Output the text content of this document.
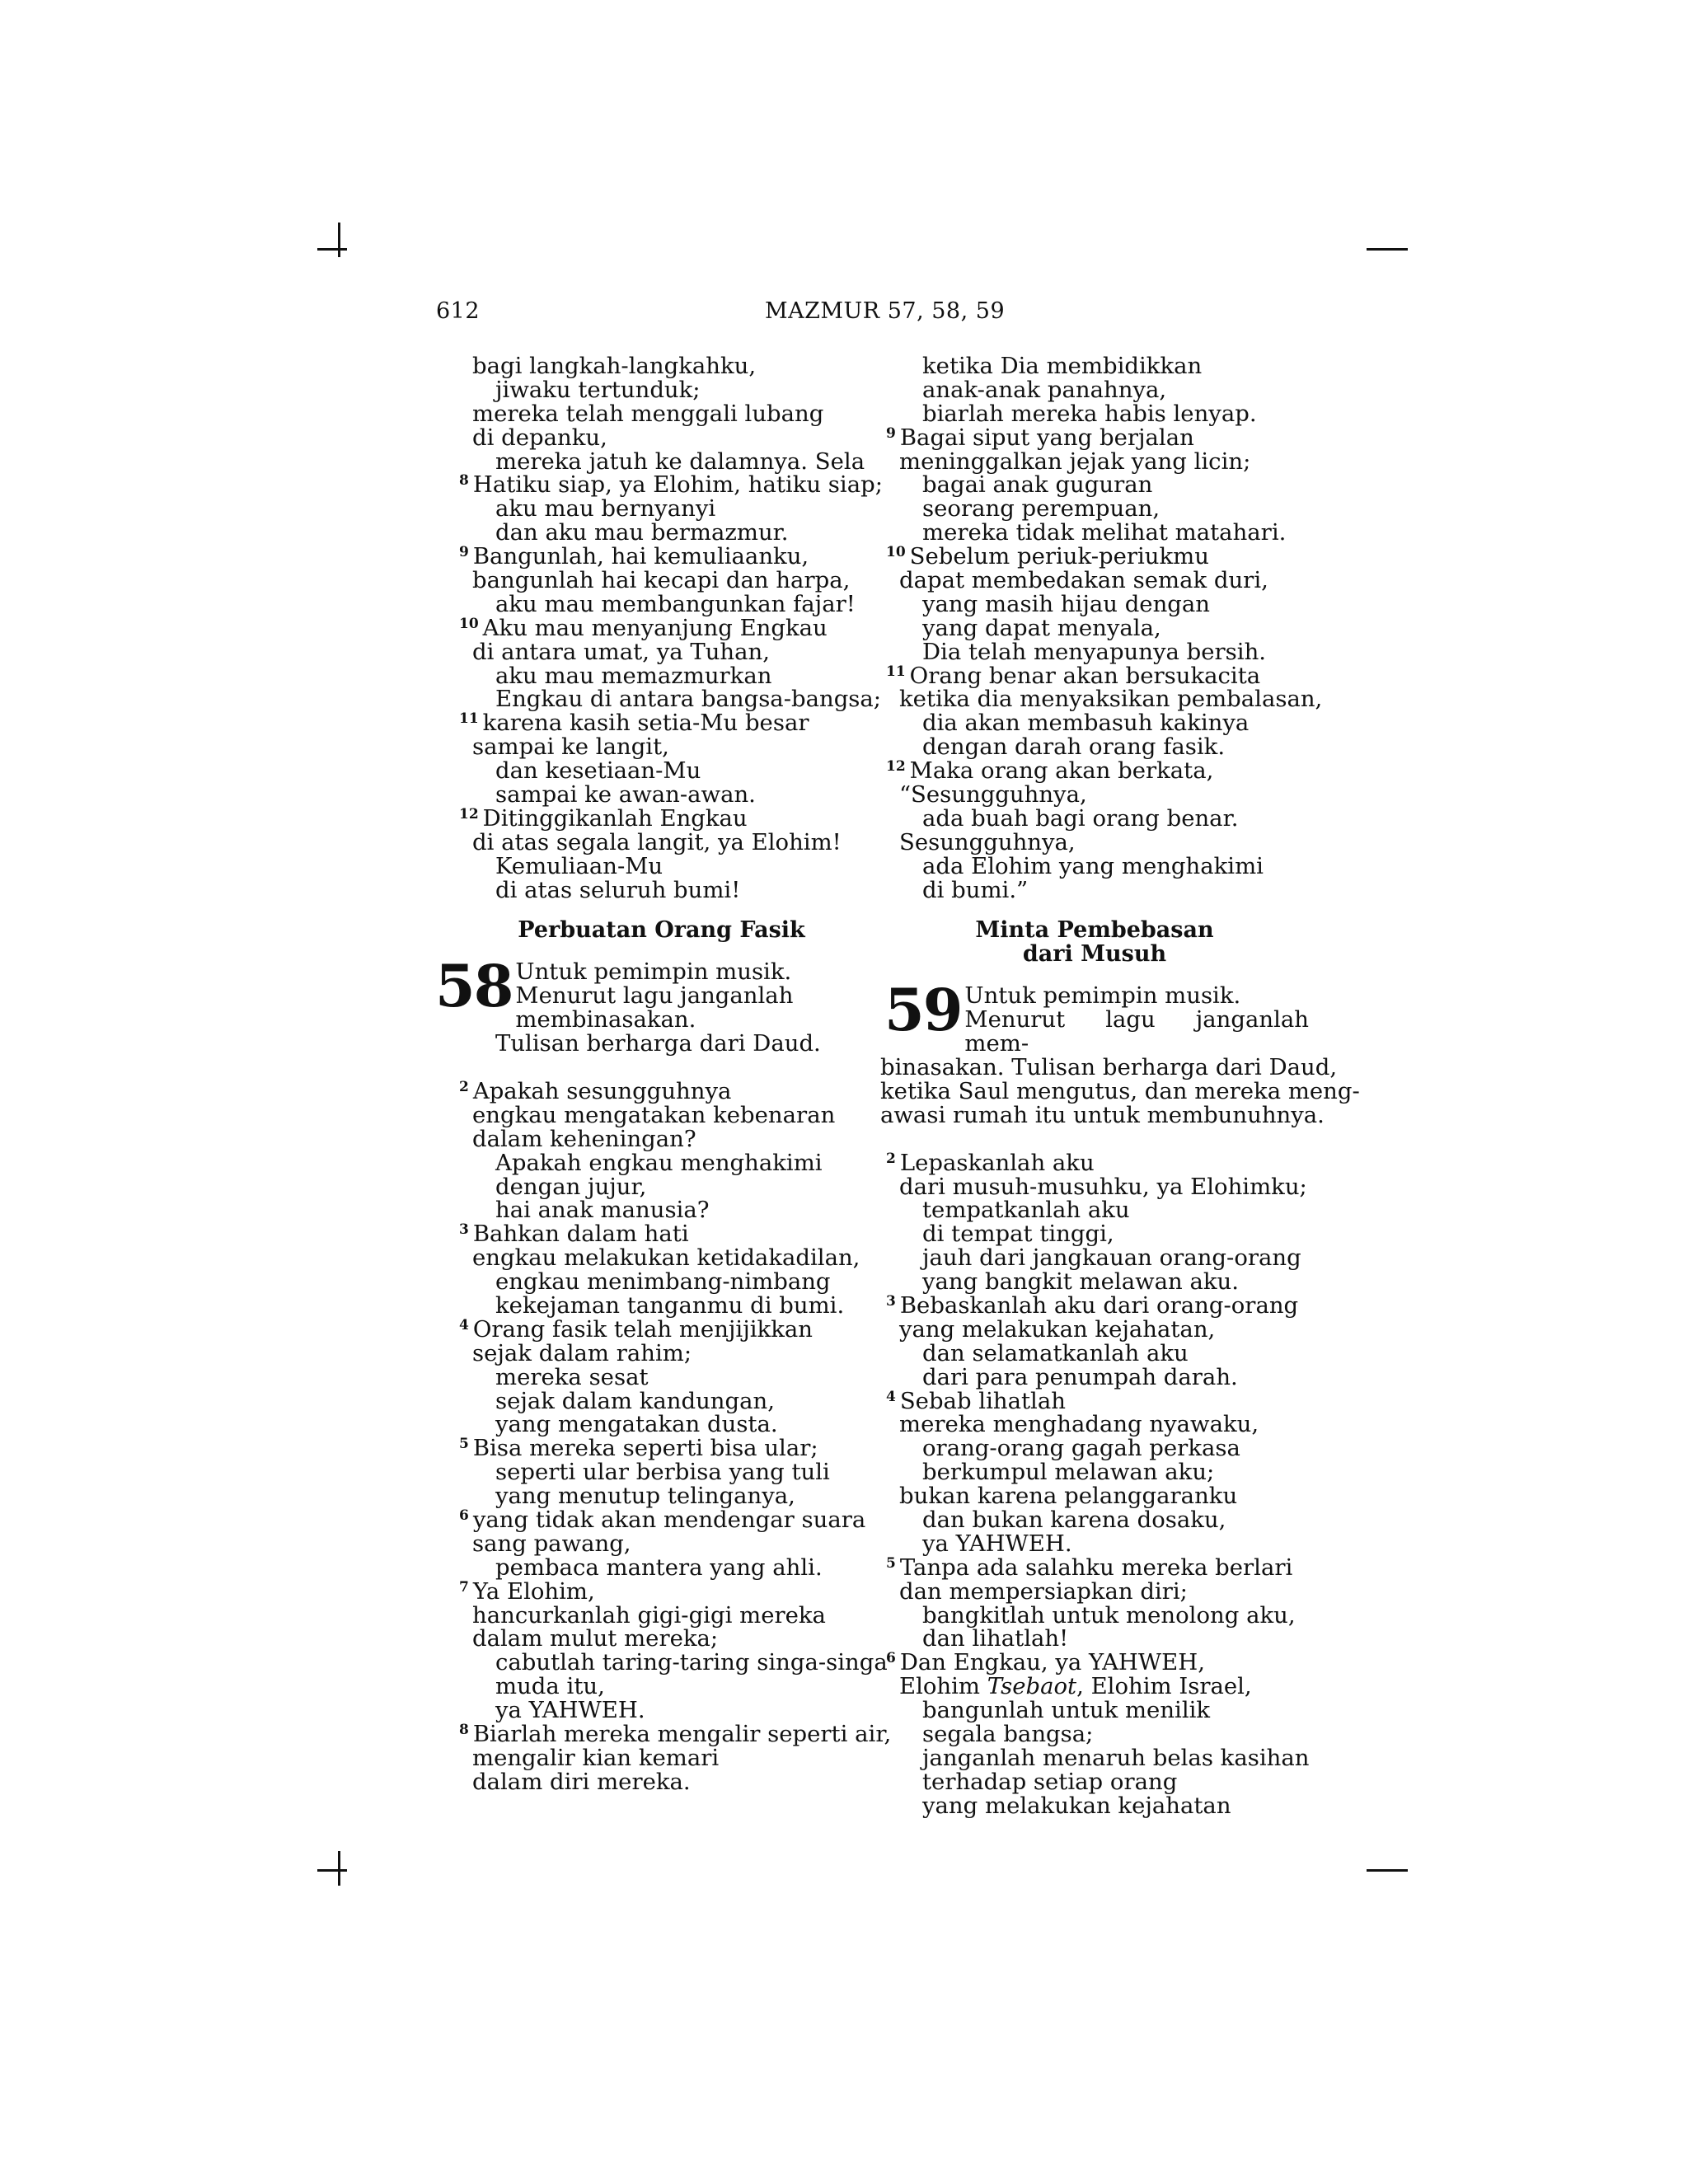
612	MAZMUR 57, 58, 59
bagi langkah-langkahku,
jiwaku tertunduk;
mereka telah menggali lubang
di depanku,
mereka jatuh ke dalamnya. Sela
$^8$ Hatiku siap, ya Elohim, hatiku siap;
aku mau bernyanyi
dan aku mau bermazmur.
$^9$ Bangunlah, hai kemuliaanku,
bangunlah hai kecapi dan harpa,
aku mau membangunkan fajar!
$^{10}$ Aku mau menyanjung Engkau
di antara umat, ya Tuhan,
aku mau memazmurkan
Engkau di antara bangsa-bangsa;
$^{11}$ karena kasih setia-Mu besar
sampai ke langit,
dan kesetiaan-Mu
sampai ke awan-awan.
$^{12}$ Ditinggikanlah Engkau
di atas segala langit, ya Elohim!
Kemuliaan-Mu
di atas seluruh bumi!
Perbuatan Orang Fasik
58 Untuk pemimpin musik.
Menurut lagu janganlah
membinasakan.
Tulisan berharga dari Daud.
$^2$ Apakah sesungguhnya
engkau mengatakan kebenaran
dalam keheningan?
Apakah engkau menghakimi
dengan jujur,
hai anak manusia?
$^3$ Bahkan dalam hati
engkau melakukan ketidakadilan,
engkau menimbang-nimbang
kekejaman tanganmu di bumi.
$^4$ Orang fasik telah menjijikkan
sejak dalam rahim;
mereka sesat
sejak dalam kandungan,
yang mengatakan dusta.
$^5$ Bisa mereka seperti bisa ular;
seperti ular berbisa yang tuli
yang menutup telinganya,
$^6$ yang tidak akan mendengar suara
sang pawang,
pembaca mantera yang ahli.
$^7$ Ya Elohim,
hancurkanlah gigi-gigi mereka
dalam mulut mereka;
cabutlah taring-taring singa-singa
muda itu,
ya YAHWEH.
$^8$ Biarlah mereka mengalir seperti air,
mengalir kian kemari
dalam diri mereka.
ketika Dia membidikkan
anak-anak panahnya,
biarlah mereka habis lenyap.
$^9$ Bagai siput yang berjalan
meninggalkan jejak yang licin;
bagai anak guguran
seorang perempuan,
mereka tidak melihat matahari.
$^{10}$ Sebelum periuk-periukmu
dapat membedakan semak duri,
yang masih hijau dengan
yang dapat menyala,
Dia telah menyapunya bersih.
$^{11}$ Orang benar akan bersukacita
ketika dia menyaksikan pembalasan,
dia akan membasuh kakinya
dengan darah orang fasik.
$^{12}$ Maka orang akan berkata,
“Sesungguhnya,
ada buah bagi orang benar.
Sesungguhnya,
ada Elohim yang menghakimi
di bumi.”
Minta Pembebasan
dari Musuh
59 Untuk pemimpin musik.
Menurut lagu janganlah mem-
binasakan. Tulisan berharga dari Daud,
ketika Saul mengutus, dan mereka meng-
awasi rumah itu untuk membunuhnya.
$^2$ Lepaskanlah aku
dari musuh-musuhku, ya Elohimku;
tempatkanlah aku
di tempat tinggi,
jauh dari jangkauan orang-orang
yang bangkit melawan aku.
$^3$ Bebaskanlah aku dari orang-orang
yang melakukan kejahatan,
dan selamatkanlah aku
dari para penumpah darah.
$^4$ Sebab lihatlah
mereka menghadang nyawaku,
orang-orang gagah perkasa
berkumpul melawan aku;
bukan karena pelanggaranku
dan bukan karena dosaku,
ya YAHWEH.
$^5$ Tanpa ada salahku mereka berlari
dan mempersiapkan diri;
bangkitlah untuk menolong aku,
dan lihatlah!
$^6$ Dan Engkau, ya YAHWEH,
Elohim Tsebaot, Elohim Israel,
bangunlah untuk menilik
segala bangsa;
janganlah menaruh belas kasihan
terhadap setiap orang
yang melakukan kejahatan
